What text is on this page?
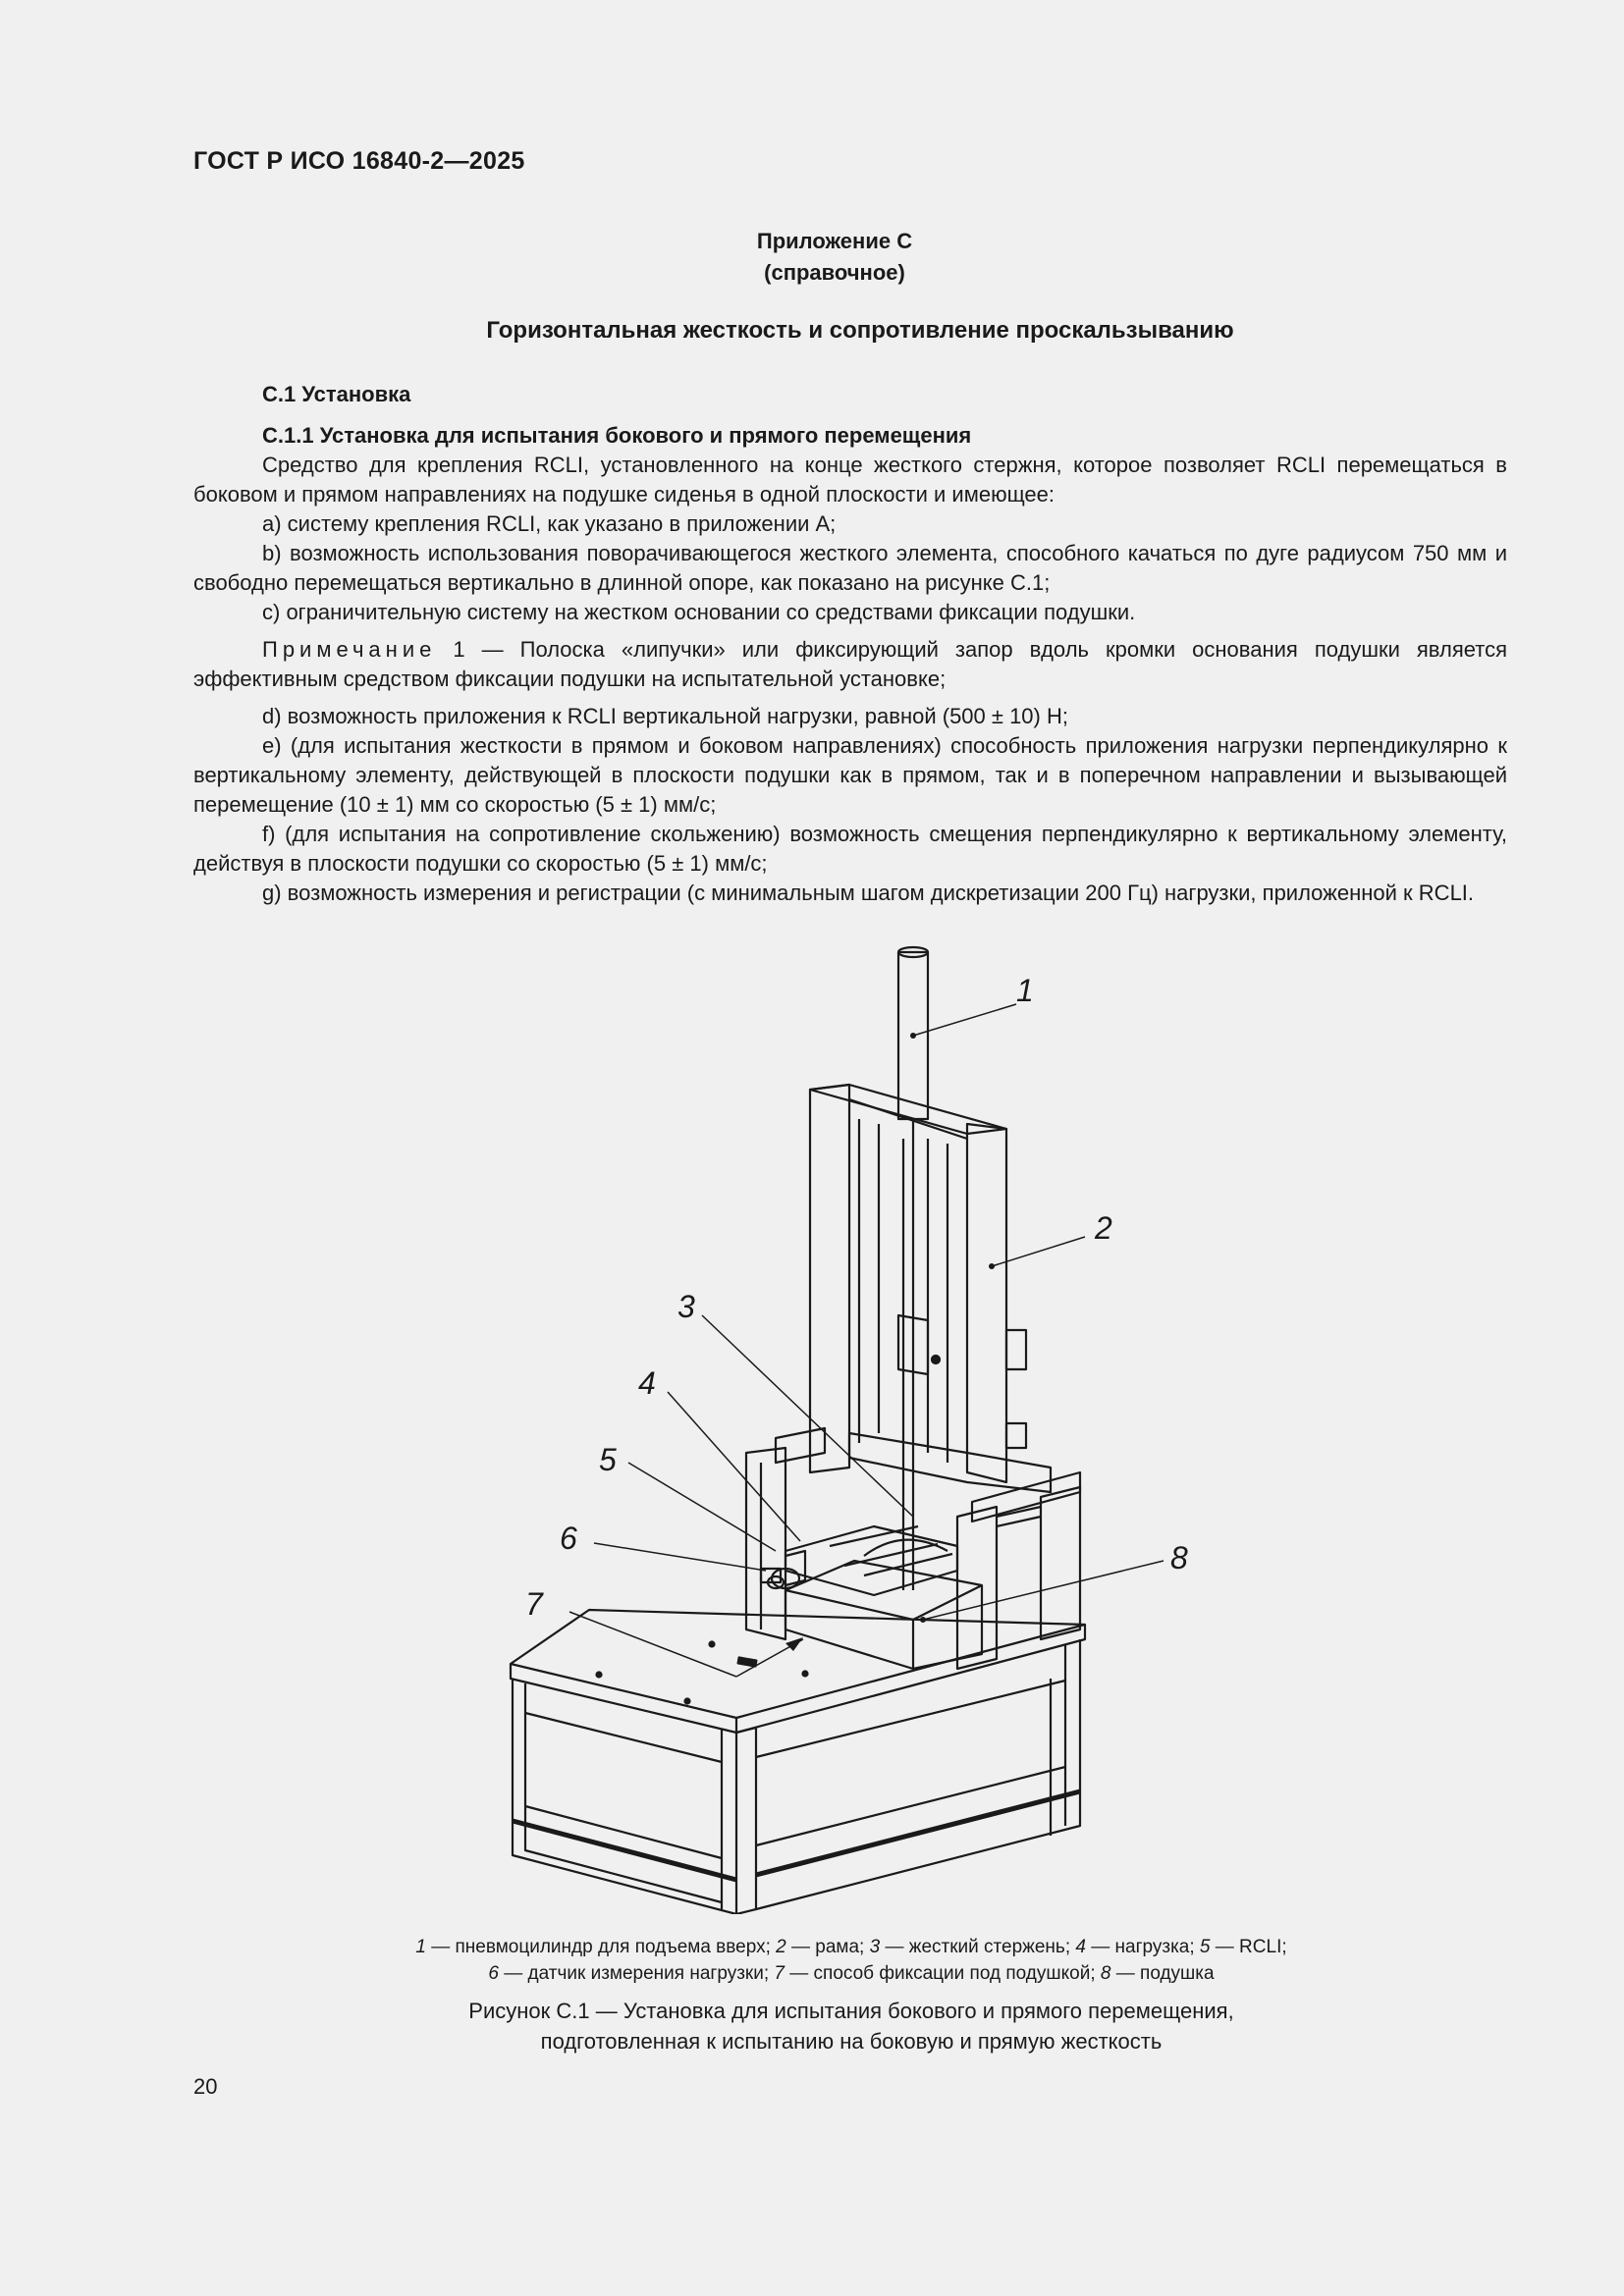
ГОСТ Р ИСО 16840-2—2025
Приложение С
(справочное)
Горизонтальная жесткость и сопротивление проскальзыванию
С.1 Установка
С.1.1 Установка для испытания бокового и прямого перемещения
Средство для крепления RCLI, установленного на конце жесткого стержня, которое позволяет RCLI перемещаться в боковом и прямом направлениях на подушке сиденья в одной плоскости и имеющее:
а) систему крепления RCLI, как указано в приложении А;
b) возможность использования поворачивающегося жесткого элемента, способного качаться по дуге радиусом 750 мм и свободно перемещаться вертикально в длинной опоре, как показано на рисунке С.1;
с) ограничительную систему на жестком основании со средствами фиксации подушки.
Примечание 1 — Полоска «липучки» или фиксирующий запор вдоль кромки основания подушки является эффективным средством фиксации подушки на испытательной установке;
d) возможность приложения к RCLI вертикальной нагрузки, равной (500 ± 10) Н;
е) (для испытания жесткости в прямом и боковом направлениях) способность приложения нагрузки перпендикулярно к вертикальному элементу, действующей в плоскости подушки как в прямом, так и в поперечном направлении и вызывающей перемещение (10 ± 1) мм со скоростью (5 ± 1) мм/с;
f) (для испытания на сопротивление скольжению) возможность смещения перпендикулярно к вертикальному элементу, действуя в плоскости подушки со скоростью (5 ± 1) мм/с;
g) возможность измерения и регистрации (с минимальным шагом дискретизации 200 Гц) нагрузки, приложенной к RCLI.
1
2
3
4
5
6
7
8
1 — пневмоцилиндр для подъема вверх; 2 — рама; 3 — жесткий стержень; 4 — нагрузка; 5 — RCLI;
6 — датчик измерения нагрузки; 7 — способ фиксации под подушкой; 8 — подушка
Рисунок С.1 — Установка для испытания бокового и прямого перемещения,
подготовленная к испытанию на боковую и прямую жесткость
20
